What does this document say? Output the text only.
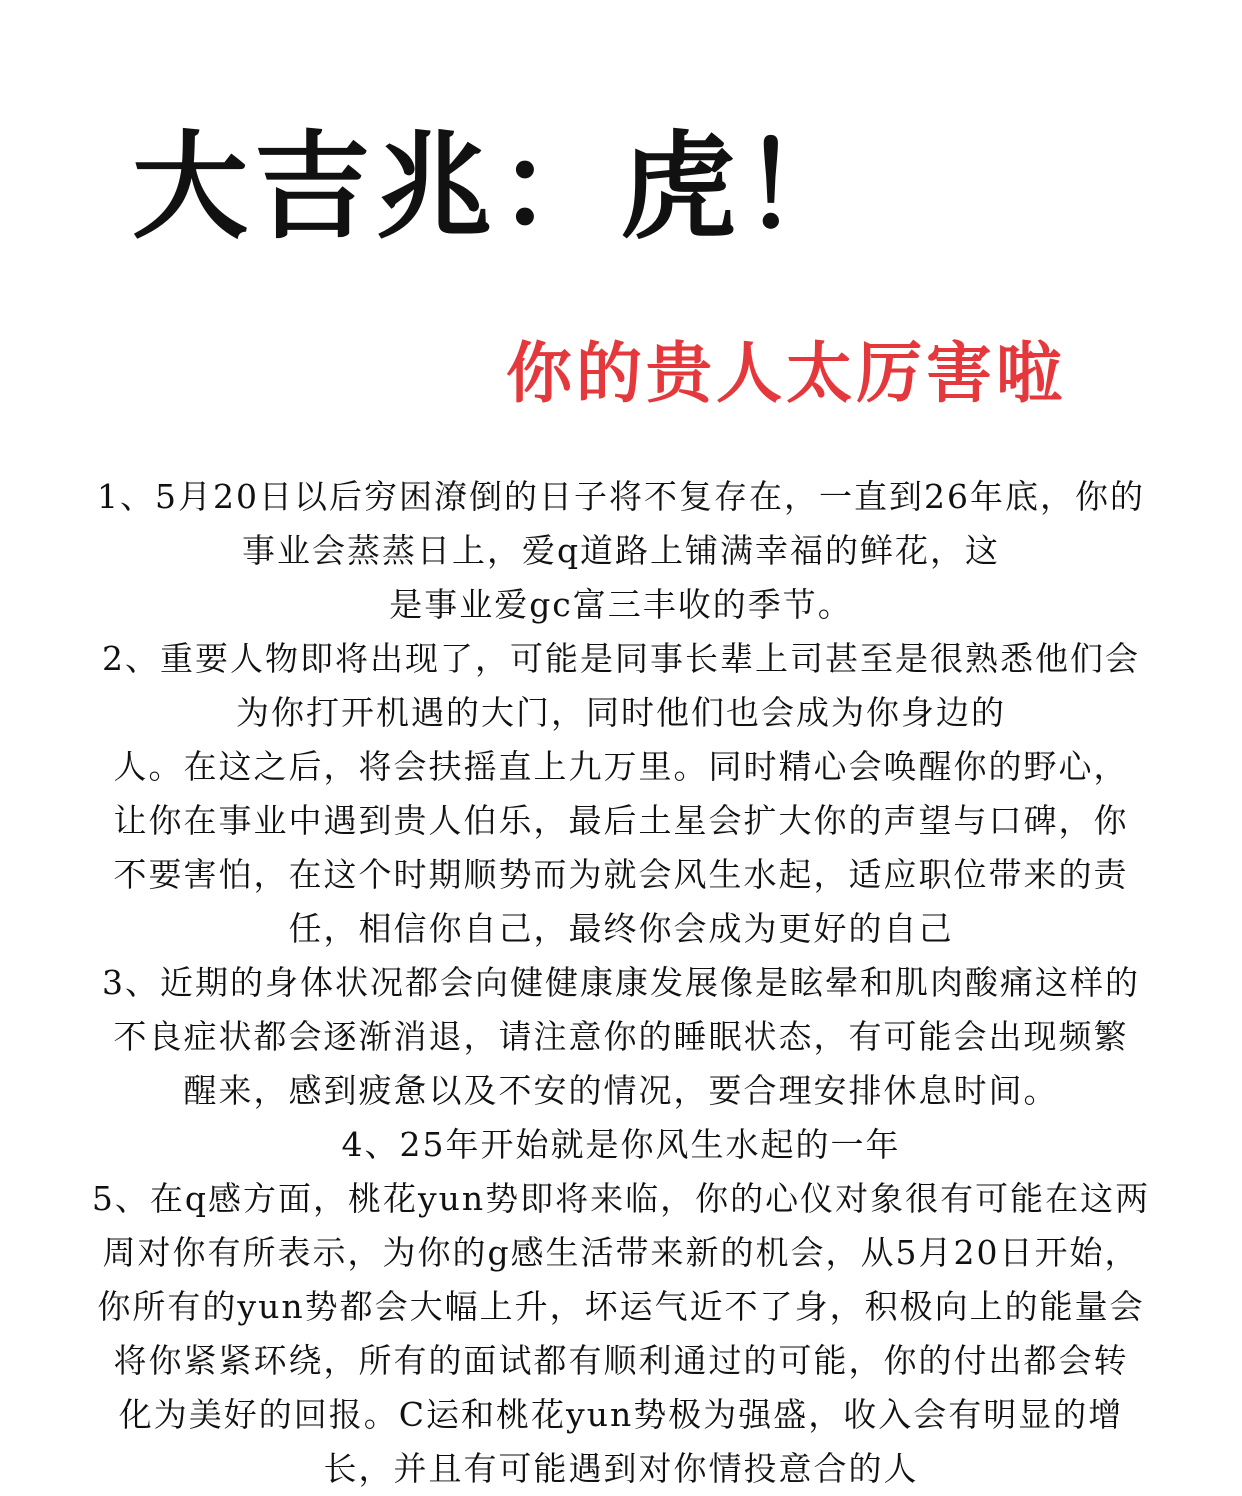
大吉兆：虎！
你的贵人太厉害啦
1、5月20日以后穷困潦倒的日子将不复存在，一直到26年底，你的
事业会蒸蒸日上，爱q道路上铺满幸福的鲜花，这
是事业爱gc富三丰收的季节。
2、重要人物即将出现了，可能是同事长辈上司甚至是很熟悉他们会
为你打开机遇的大门，同时他们也会成为你身边的
人。在这之后，将会扶摇直上九万里。同时精心会唤醒你的野心，
让你在事业中遇到贵人伯乐，最后土星会扩大你的声望与口碑，你
不要害怕，在这个时期顺势而为就会风生水起，适应职位带来的责
任，相信你自己，最终你会成为更好的自己
3、近期的身体状况都会向健健康康发展像是眩晕和肌肉酸痛这样的
不良症状都会逐渐消退，请注意你的睡眠状态，有可能会出现频繁
醒来，感到疲惫以及不安的情况，要合理安排休息时间。
4、25年开始就是你风生水起的一年
5、在q感方面，桃花yun势即将来临，你的心仪对象很有可能在这两
周对你有所表示，为你的g感生活带来新的机会，从5月20日开始，
你所有的yun势都会大幅上升，坏运气近不了身，积极向上的能量会
将你紧紧环绕，所有的面试都有顺利通过的可能，你的付出都会转
化为美好的回报。C运和桃花yun势极为强盛，收入会有明显的增
长，并且有可能遇到对你情投意合的人
